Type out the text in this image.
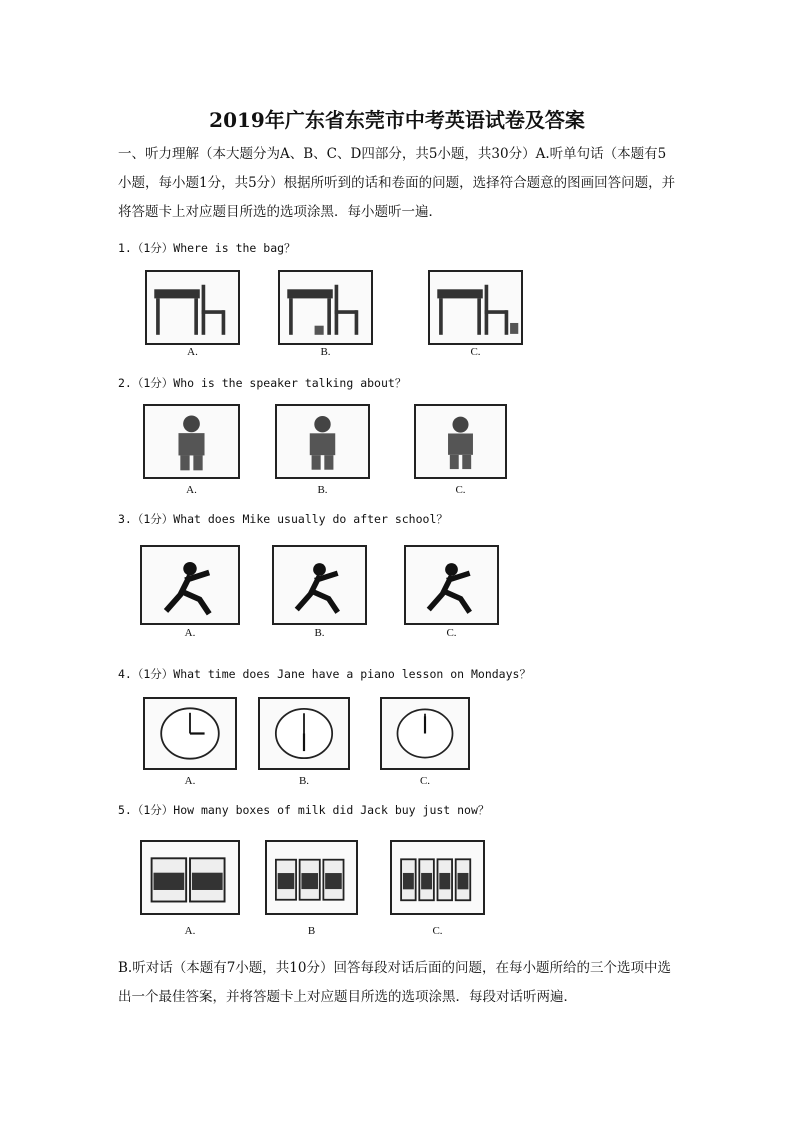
2019年广东省东莞市中考英语试卷及答案
一、听力理解（本大题分为A、B、C、D四部分，共5小题，共30分）A.听单句话（本题有5小题，每小题1分，共5分）根据所听到的话和卷面的问题，选择符合题意的图画回答问题，并将答题卡上对应题目所选的选项涂黑．每小题听一遍．
1.（1分）Where is the bag？
2.（1分）Who is the speaker talking about？
3.（1分）What does Mike usually do after school？
4.（1分）What time does Jane have a piano lesson on Mondays？
5.（1分）How many boxes of milk did Jack buy just now？
A.	B.	C.
A.	B.	C.
A.	B.	C.
A.	B.	C.
A.	B	C.
B.听对话（本题有7小题，共10分）回答每段对话后面的问题，在每小题所给的三个选项中选出一个最佳答案，并将答题卡上对应题目所选的选项涂黑．每段对话听两遍．
